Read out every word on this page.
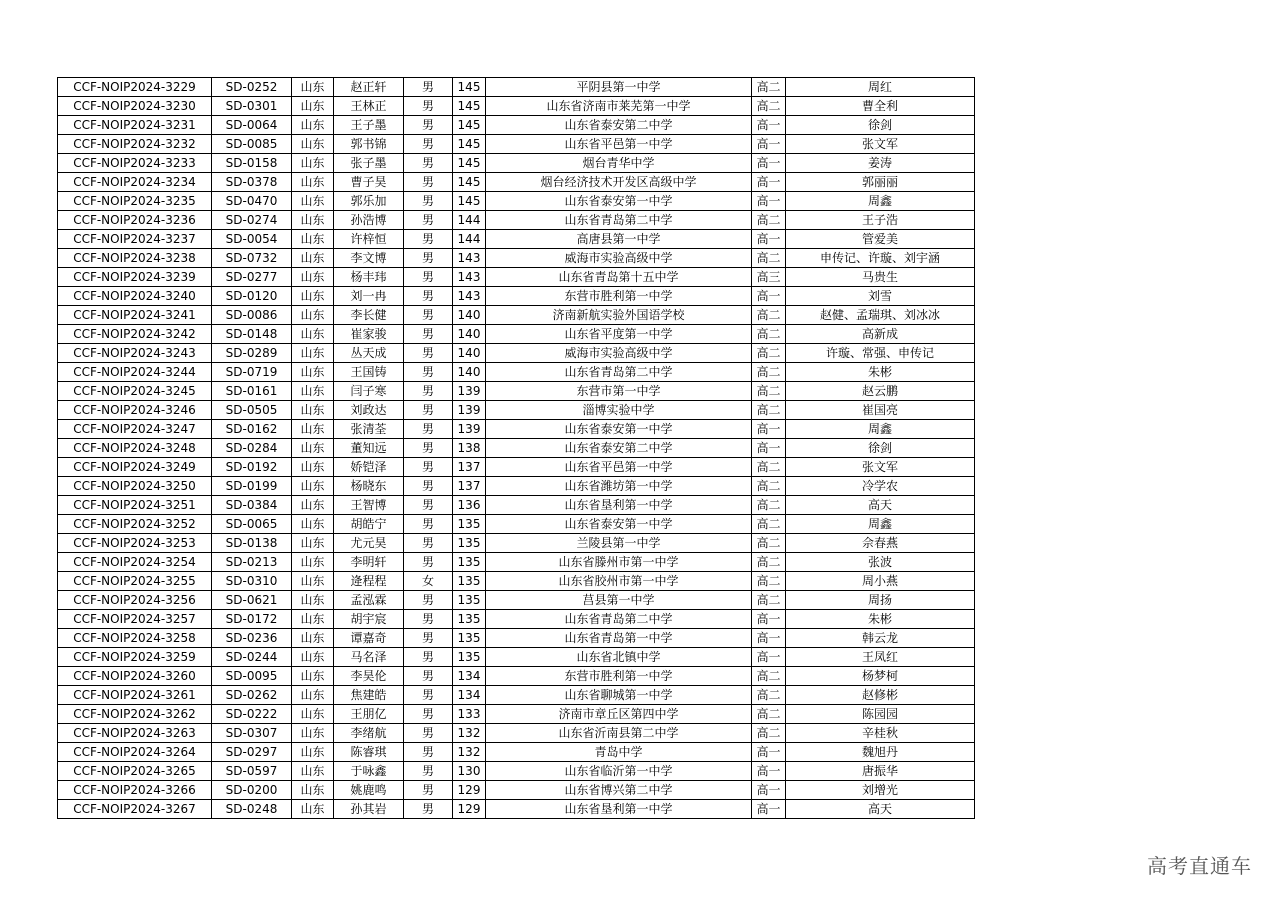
CCF-NOIP2024-3229	SD-0252	山东	赵正轩	男	145	平阴县第一中学	高二	周红
CCF-NOIP2024-3230	SD-0301	山东	王林正	男	145	山东省济南市莱芜第一中学	高二	曹全利
CCF-NOIP2024-3231	SD-0064	山东	王子墨	男	145	山东省泰安第二中学	高一	徐剑
CCF-NOIP2024-3232	SD-0085	山东	郭书锦	男	145	山东省平邑第一中学	高一	张文军
CCF-NOIP2024-3233	SD-0158	山东	张子墨	男	145	烟台青华中学	高一	姜涛
CCF-NOIP2024-3234	SD-0378	山东	曹子昊	男	145	烟台经济技术开发区高级中学	高一	郭丽丽
CCF-NOIP2024-3235	SD-0470	山东	郭乐加	男	145	山东省泰安第一中学	高一	周鑫
CCF-NOIP2024-3236	SD-0274	山东	孙浩博	男	144	山东省青岛第二中学	高二	王子浩
CCF-NOIP2024-3237	SD-0054	山东	许梓恒	男	144	高唐县第一中学	高一	管爱美
CCF-NOIP2024-3238	SD-0732	山东	李文博	男	143	威海市实验高级中学	高二	申传记、许璇、刘宇涵
CCF-NOIP2024-3239	SD-0277	山东	杨丰玮	男	143	山东省青岛第十五中学	高三	马贵生
CCF-NOIP2024-3240	SD-0120	山东	刘一冉	男	143	东营市胜利第一中学	高一	刘雪
CCF-NOIP2024-3241	SD-0086	山东	李长健	男	140	济南新航实验外国语学校	高二	赵健、孟瑞琪、刘冰冰
CCF-NOIP2024-3242	SD-0148	山东	崔家骏	男	140	山东省平度第一中学	高二	高新成
CCF-NOIP2024-3243	SD-0289	山东	丛天成	男	140	威海市实验高级中学	高二	许璇、常强、申传记
CCF-NOIP2024-3244	SD-0719	山东	王国铸	男	140	山东省青岛第二中学	高二	朱彬
CCF-NOIP2024-3245	SD-0161	山东	闫子寒	男	139	东营市第一中学	高二	赵云鹏
CCF-NOIP2024-3246	SD-0505	山东	刘政达	男	139	淄博实验中学	高二	崔国亮
CCF-NOIP2024-3247	SD-0162	山东	张清荃	男	139	山东省泰安第一中学	高一	周鑫
CCF-NOIP2024-3248	SD-0284	山东	董知远	男	138	山东省泰安第二中学	高一	徐剑
CCF-NOIP2024-3249	SD-0192	山东	娇铠泽	男	137	山东省平邑第一中学	高二	张文军
CCF-NOIP2024-3250	SD-0199	山东	杨晓东	男	137	山东省潍坊第一中学	高二	冷学农
CCF-NOIP2024-3251	SD-0384	山东	王智博	男	136	山东省垦利第一中学	高二	高天
CCF-NOIP2024-3252	SD-0065	山东	胡皓宁	男	135	山东省泰安第一中学	高二	周鑫
CCF-NOIP2024-3253	SD-0138	山东	尤元昊	男	135	兰陵县第一中学	高二	佘春燕
CCF-NOIP2024-3254	SD-0213	山东	李明轩	男	135	山东省滕州市第一中学	高二	张波
CCF-NOIP2024-3255	SD-0310	山东	逄程程	女	135	山东省胶州市第一中学	高二	周小燕
CCF-NOIP2024-3256	SD-0621	山东	孟泓霖	男	135	莒县第一中学	高二	周扬
CCF-NOIP2024-3257	SD-0172	山东	胡宇宸	男	135	山东省青岛第二中学	高一	朱彬
CCF-NOIP2024-3258	SD-0236	山东	谭嘉奇	男	135	山东省青岛第一中学	高一	韩云龙
CCF-NOIP2024-3259	SD-0244	山东	马名泽	男	135	山东省北镇中学	高一	王凤红
CCF-NOIP2024-3260	SD-0095	山东	李昊伦	男	134	东营市胜利第一中学	高二	杨梦柯
CCF-NOIP2024-3261	SD-0262	山东	焦建皓	男	134	山东省聊城第一中学	高二	赵修彬
CCF-NOIP2024-3262	SD-0222	山东	王朋亿	男	133	济南市章丘区第四中学	高二	陈园园
CCF-NOIP2024-3263	SD-0307	山东	李绪航	男	132	山东省沂南县第二中学	高二	辛桂秋
CCF-NOIP2024-3264	SD-0297	山东	陈睿琪	男	132	青岛中学	高一	魏旭丹
CCF-NOIP2024-3265	SD-0597	山东	于咏鑫	男	130	山东省临沂第一中学	高一	唐振华
CCF-NOIP2024-3266	SD-0200	山东	姚鹿鸣	男	129	山东省博兴第二中学	高一	刘增光
CCF-NOIP2024-3267	SD-0248	山东	孙其岩	男	129	山东省垦利第一中学	高一	高天
高考直通车
